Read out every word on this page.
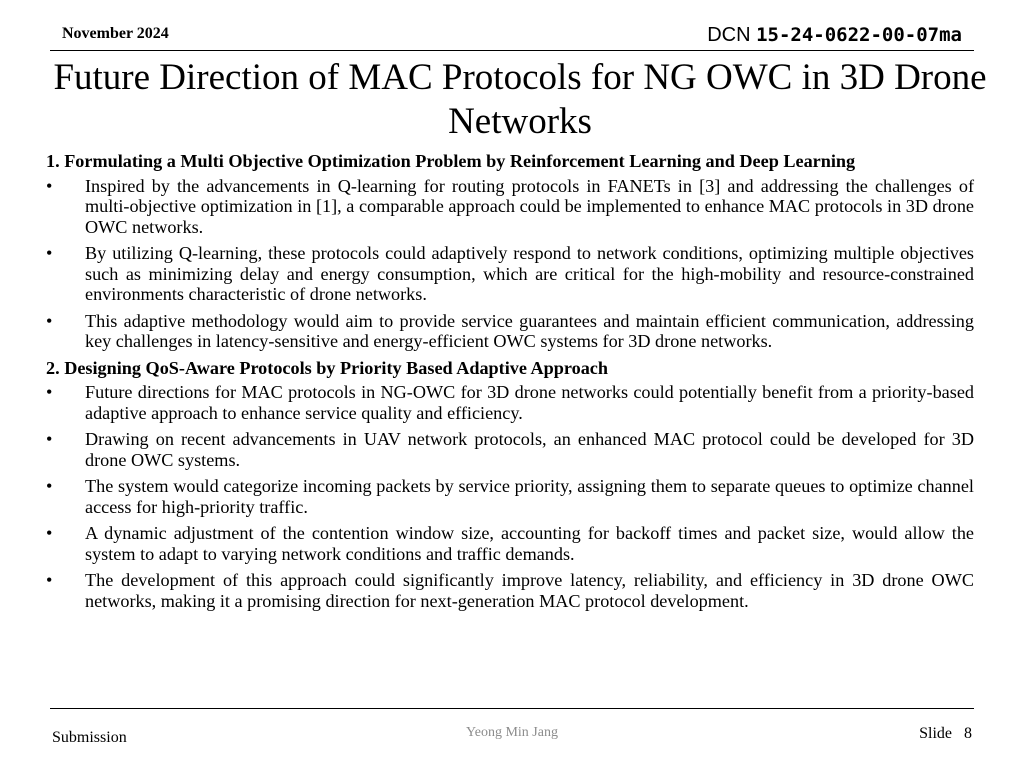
November 2024	DCN 15-24-0622-00-07ma
Future Direction of MAC Protocols for NG OWC in 3D Drone Networks
1. Formulating a Multi Objective Optimization Problem by Reinforcement Learning and Deep Learning
• Inspired by the advancements in Q-learning for routing protocols in FANETs in [3] and addressing the challenges of multi-objective optimization in [1], a comparable approach could be implemented to enhance MAC protocols in 3D drone OWC networks.
• By utilizing Q-learning, these protocols could adaptively respond to network conditions, optimizing multiple objectives such as minimizing delay and energy consumption, which are critical for the high-mobility and resource-constrained environments characteristic of drone networks.
• This adaptive methodology would aim to provide service guarantees and maintain efficient communication, addressing key challenges in latency-sensitive and energy-efficient OWC systems for 3D drone networks.
2. Designing QoS-Aware Protocols by Priority Based Adaptive Approach
• Future directions for MAC protocols in NG-OWC for 3D drone networks could potentially benefit from a priority-based adaptive approach to enhance service quality and efficiency.
• Drawing on recent advancements in UAV network protocols, an enhanced MAC protocol could be developed for 3D drone OWC systems.
• The system would categorize incoming packets by service priority, assigning them to separate queues to optimize channel access for high-priority traffic.
• A dynamic adjustment of the contention window size, accounting for backoff times and packet size, would allow the system to adapt to varying network conditions and traffic demands.
• The development of this approach could significantly improve latency, reliability, and efficiency in 3D drone OWC networks, making it a promising direction for next-generation MAC protocol development.
Submission	Yeong Min Jang	Slide 8
